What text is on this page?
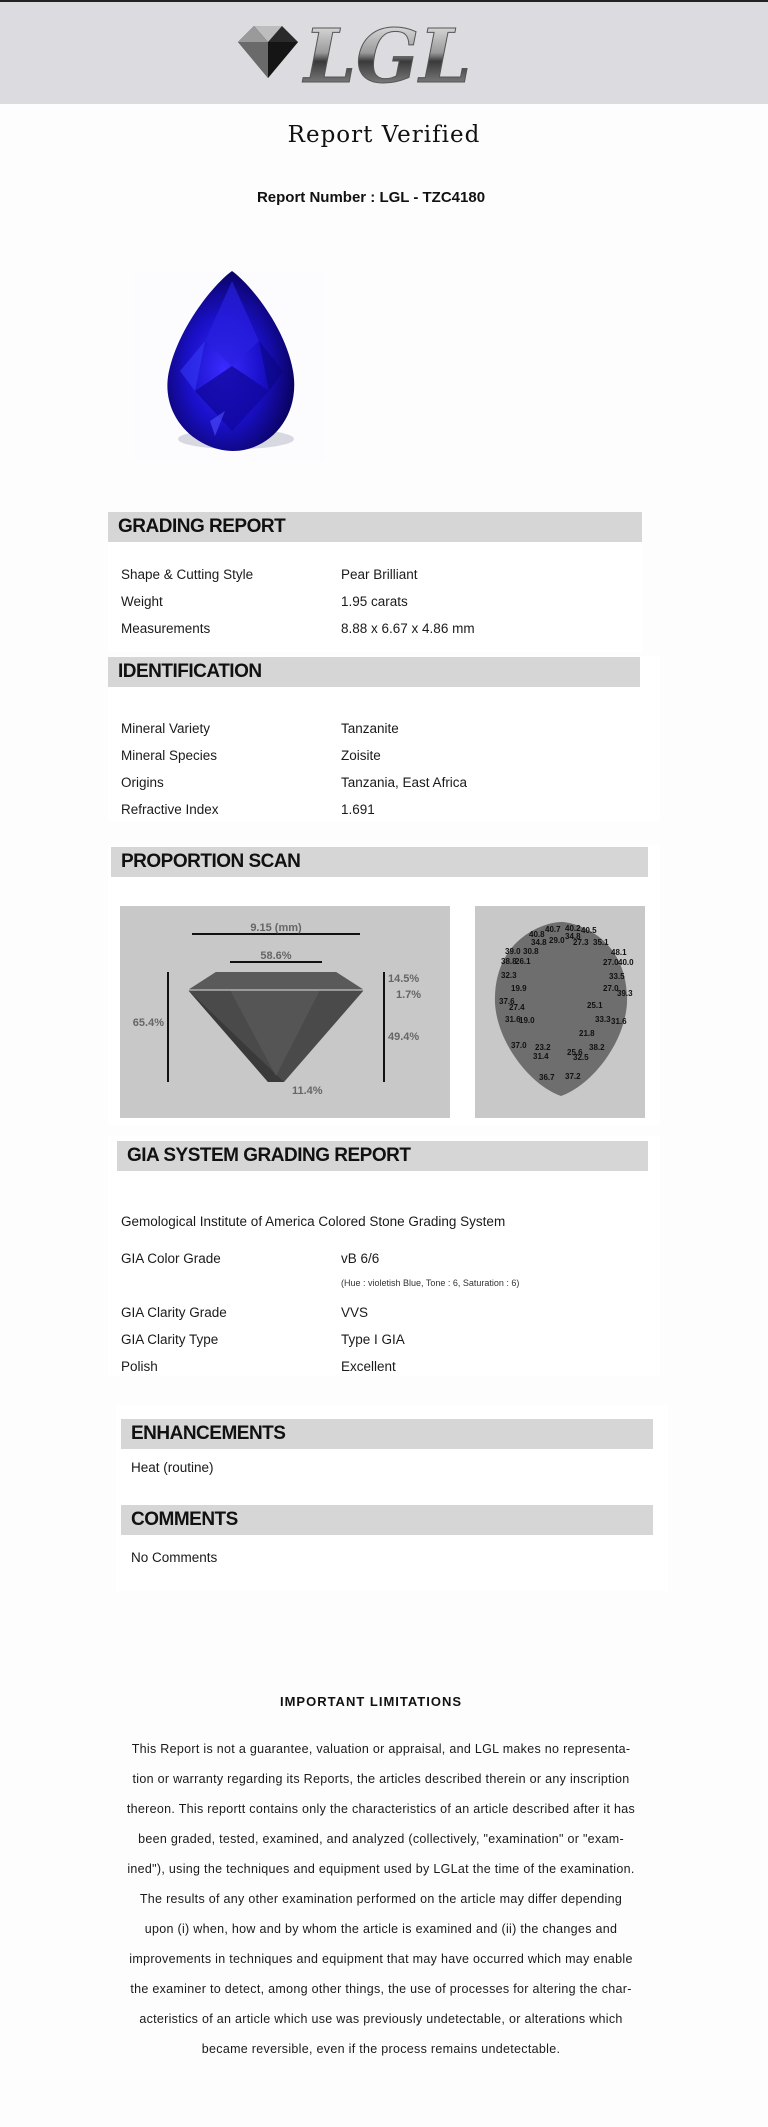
LGL
Report Verified
Report Number : LGL - TZC4180
GRADING REPORT
Shape & Cutting Style	Pear Brilliant
Weight	1.95 carats
Measurements	8.88 x 6.67 x 4.86 mm
IDENTIFICATION
Mineral Variety	Tanzanite
Mineral Species	Zoisite
Origins	Tanzania, East Africa
Refractive Index	1.691
PROPORTION SCAN
9.15 (mm)
58.6%
65.4%
14.5%
1.7%
49.4%
11.4%
40.7 40.2 40.5
40.8	34.8
34.8 29.0 27.3 35.1
39.0 30.8	48.1
38.8
26.1	27.0 40.0
32.3	33.5
19.9	27.0
39.3
37.6
27.4	25.1
31.6
19.0	33.3 31.6
21.8
37.0 23.2	38.2
31.4 25.6
32.5
36.7 37.2
GIA SYSTEM GRADING REPORT
Gemological Institute of America Colored Stone Grading System
GIA Color Grade	vB 6/6
(Hue : violetish Blue, Tone : 6, Saturation : 6)
GIA Clarity Grade	VVS
GIA Clarity Type	Type I GIA
Polish	Excellent
ENHANCEMENTS
Heat (routine)
COMMENTS
No Comments
IMPORTANT LIMITATIONS
This Report is not a guarantee, valuation or appraisal, and LGL makes no representa-
tion or warranty regarding its Reports, the articles described therein or any inscription
thereon. This reportt contains only the characteristics of an article described after it has
been graded, tested, examined, and analyzed (collectively, "examination" or "exam-
ined"), using the techniques and equipment used by LGLat the time of the examination.
The results of any other examination performed on the article may differ depending
upon (i) when, how and by whom the article is examined and (ii) the changes and
improvements in techniques and equipment that may have occurred which may enable
the examiner to detect, among other things, the use of processes for altering the char-
acteristics of an article which use was previously undetectable, or alterations which
became reversible, even if the process remains undetectable.
